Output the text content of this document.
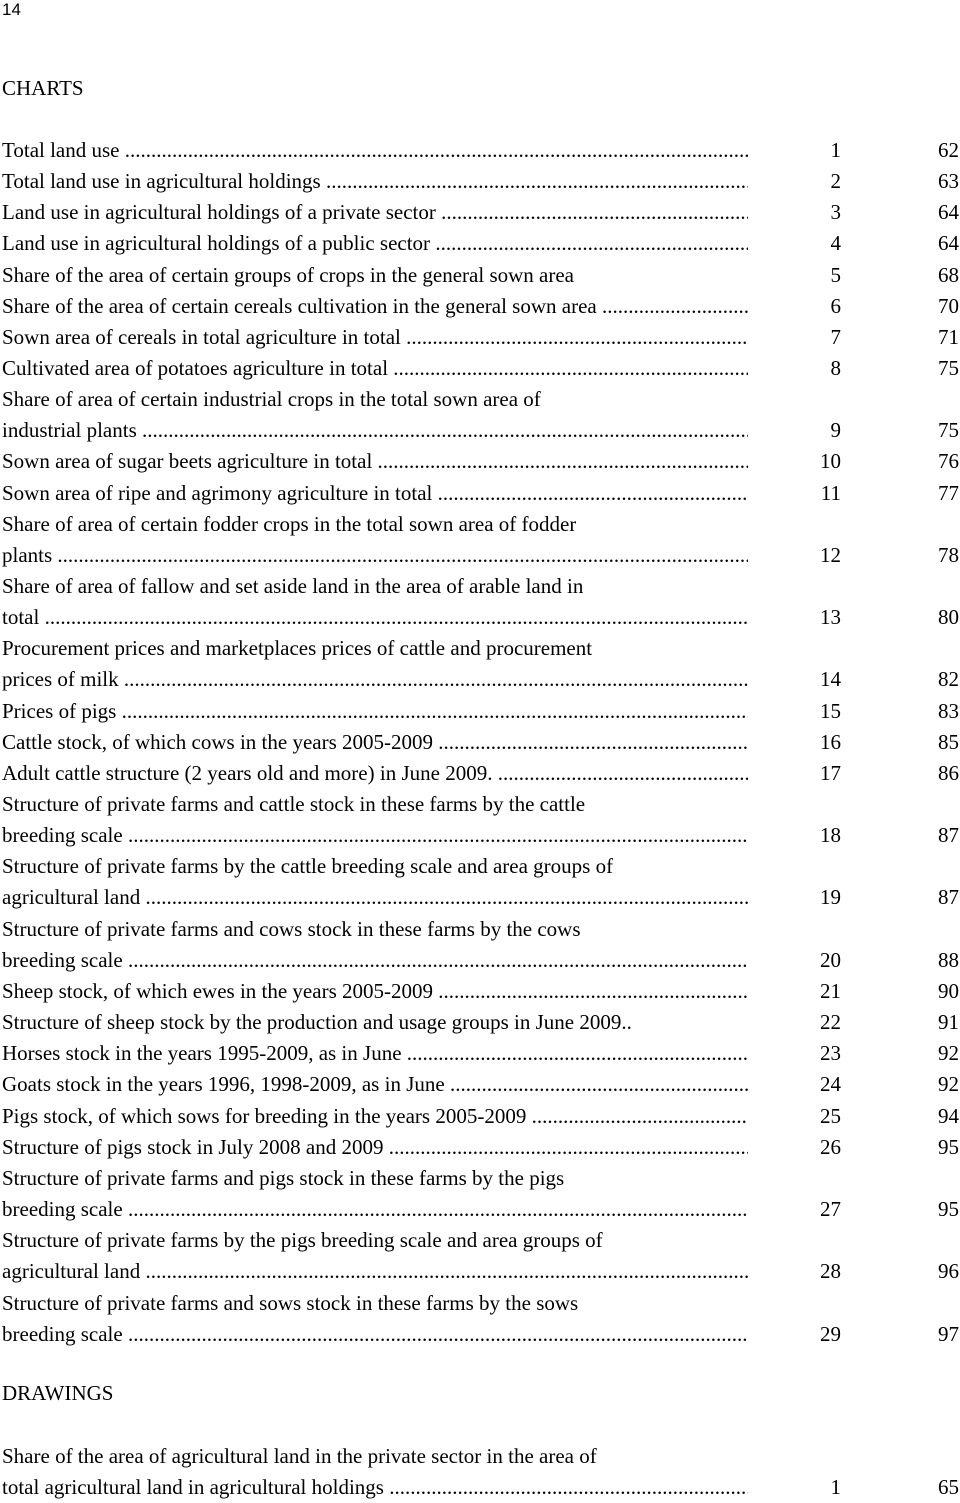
14
CHARTS
Total land use .....	1	62
Total land use in agricultural holdings .....	2	63
Land use in agricultural holdings of a private sector .....	3	64
Land use in agricultural holdings of a public sector .....	4	64
Share of the area of certain groups of crops in the general sown area	5	68
Share of the area of certain cereals cultivation in the general sown area .....	6	70
Sown area of cereals in total agriculture in total .....	7	71
Cultivated area of potatoes agriculture in total .....	8	75
Share of area of certain industrial crops in the total sown area of
industrial plants .....	9	75
Sown area of sugar beets agriculture in total .....	10	76
Sown area of ripe and agrimony agriculture in total .....	11	77
Share of area of certain fodder crops in the total sown area of fodder
plants .....	12	78
Share of area of fallow and set aside land in the area of arable land in
total .....	13	80
Procurement prices and marketplaces prices of cattle and procurement
prices of milk .....	14	82
Prices of pigs .....	15	83
Cattle stock, of which cows in the years 2005-2009 .....	16	85
Adult cattle structure (2 years old and more) in June 2009. .....	17	86
Structure of private farms and cattle stock in these farms by the cattle
breeding scale .....	18	87
Structure of private farms by the cattle breeding scale and area groups of
agricultural land .....	19	87
Structure of private farms and cows stock in these farms by the cows
breeding scale .....	20	88
Sheep stock, of which ewes in the years 2005-2009 .....	21	90
Structure of sheep stock by the production and usage groups in June 2009..	22	91
Horses stock in the years 1995-2009, as in June .....	23	92
Goats stock in the years 1996, 1998-2009, as in June .....	24	92
Pigs stock, of which sows for breeding in the years 2005-2009 .....	25	94
Structure of pigs stock in July 2008 and 2009 .....	26	95
Structure of private farms and pigs stock in these farms by the pigs
breeding scale .....	27	95
Structure of private farms by the pigs breeding scale and area groups of
agricultural land .....	28	96
Structure of private farms and sows stock in these farms by the sows
breeding scale .....	29	97
DRAWINGS
Share of the area of agricultural land in the private sector in the area of
total agricultural land in agricultural holdings .....	1	65
